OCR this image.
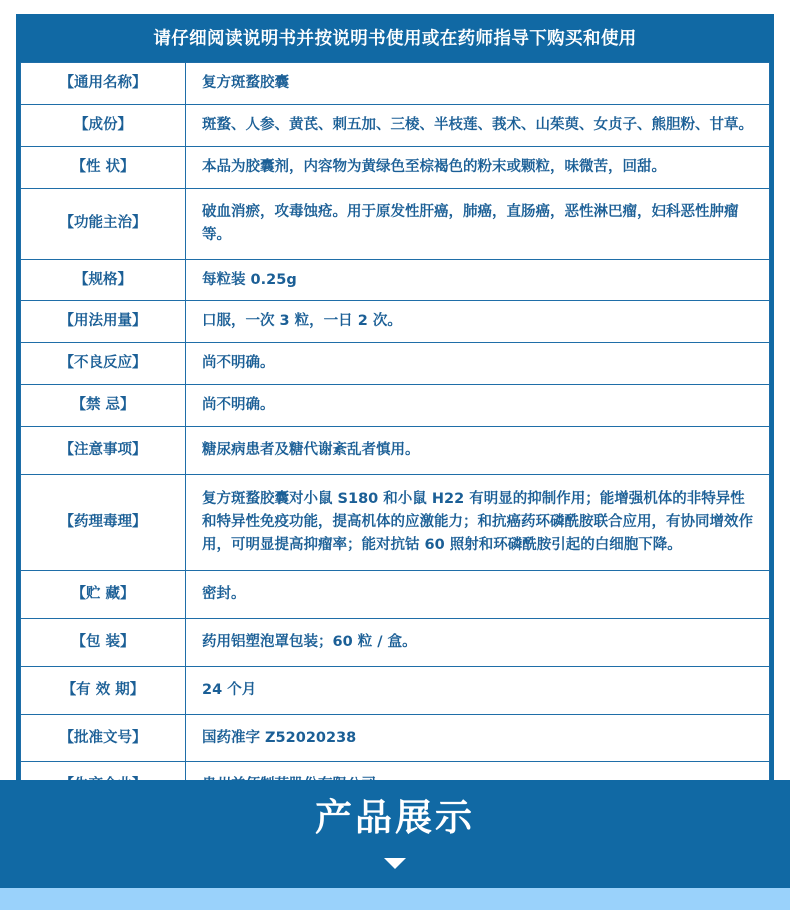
请仔细阅读说明书并按说明书使用或在药师指导下购买和使用
【通用名称】	复方斑蝥胶囊
【成份】	斑蝥、人参、黄芪、刺五加、三棱、半枝莲、莪术、山茱萸、女贞子、熊胆粉、甘草。
【性 状】	本品为胶囊剂，内容物为黄绿色至棕褐色的粉末或颗粒，味微苦，回甜。
【功能主治】	破血消瘀，攻毒蚀疮。用于原发性肝癌，肺癌，直肠癌，恶性淋巴瘤，妇科恶性肿瘤等。
【规格】	每粒装 0.25g
【用法用量】	口服，一次 3 粒，一日 2 次。
【不良反应】	尚不明确。
【禁 忌】	尚不明确。
【注意事项】	糖尿病患者及糖代谢紊乱者慎用。
【药理毒理】	复方斑蝥胶囊对小鼠 S180 和小鼠 H22 有明显的抑制作用；能增强机体的非特异性和特异性免疫功能，提高机体的应激能力；和抗癌药环磷酰胺联合应用，有协同增效作用，可明显提高抑瘤率；能对抗钴 60 照射和环磷酰胺引起的白细胞下降。
【贮 藏】	密封。
【包 装】	药用铝塑泡罩包装；60 粒 / 盒。
【有 效 期】	24 个月
【批准文号】	国药准字 Z52020238

产品展示
